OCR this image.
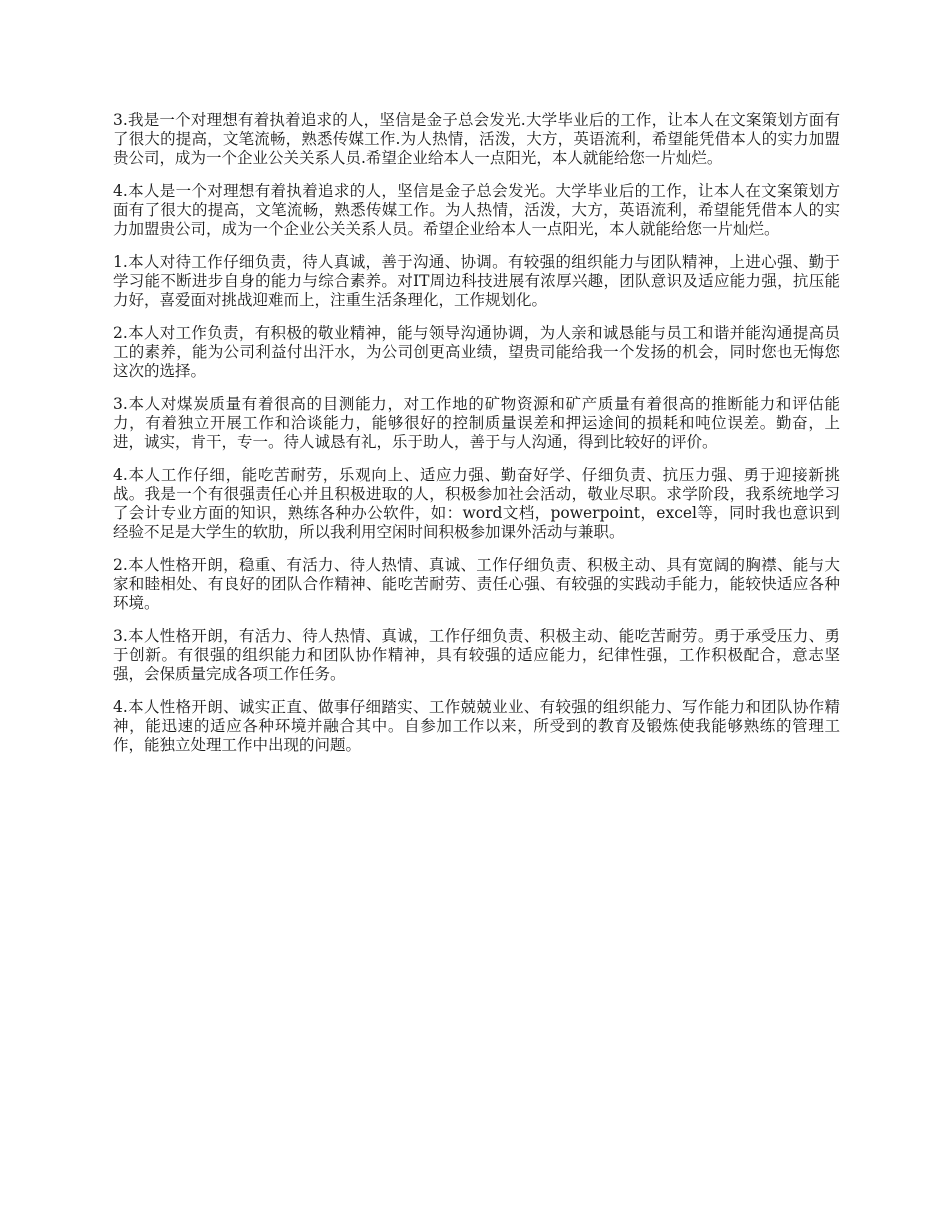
3.我是一个对理想有着执着追求的人，坚信是金子总会发光.大学毕业后的工作，让本人在文案策划方面有了很大的提高，文笔流畅，熟悉传媒工作.为人热情，活泼，大方，英语流利，希望能凭借本人的实力加盟贵公司，成为一个企业公关关系人员.希望企业给本人一点阳光，本人就能给您一片灿烂。

4.本人是一个对理想有着执着追求的人，坚信是金子总会发光。大学毕业后的工作，让本人在文案策划方面有了很大的提高，文笔流畅，熟悉传媒工作。为人热情，活泼，大方，英语流利，希望能凭借本人的实力加盟贵公司，成为一个企业公关关系人员。希望企业给本人一点阳光，本人就能给您一片灿烂。

1.本人对待工作仔细负责，待人真诚，善于沟通、协调。有较强的组织能力与团队精神，上进心强、勤于学习能不断进步自身的能力与综合素养。对IT周边科技进展有浓厚兴趣，团队意识及适应能力强，抗压能力好，喜爱面对挑战迎难而上，注重生活条理化，工作规划化。

2.本人对工作负责，有积极的敬业精神，能与领导沟通协调，为人亲和诚恳能与员工和谐并能沟通提高员工的素养，能为公司利益付出汗水，为公司创更高业绩，望贵司能给我一个发扬的机会，同时您也无悔您这次的选择。

3.本人对煤炭质量有着很高的目测能力，对工作地的矿物资源和矿产质量有着很高的推断能力和评估能力，有着独立开展工作和洽谈能力，能够很好的控制质量误差和押运途间的损耗和吨位误差。勤奋，上进，诚实，肯干，专一。待人诚恳有礼，乐于助人，善于与人沟通，得到比较好的评价。

4.本人工作仔细，能吃苦耐劳，乐观向上、适应力强、勤奋好学、仔细负责、抗压力强、勇于迎接新挑战。我是一个有很强责任心并且积极进取的人，积极参加社会活动，敬业尽职。求学阶段，我系统地学习了会计专业方面的知识，熟练各种办公软件，如：word文档，powerpoint，excel等，同时我也意识到经验不足是大学生的软肋，所以我利用空闲时间积极参加课外活动与兼职。

2.本人性格开朗，稳重、有活力、待人热情、真诚、工作仔细负责、积极主动、具有宽阔的胸襟、能与大家和睦相处、有良好的团队合作精神、能吃苦耐劳、责任心强、有较强的实践动手能力，能较快适应各种环境。

3.本人性格开朗，有活力、待人热情、真诚，工作仔细负责、积极主动、能吃苦耐劳。勇于承受压力、勇于创新。有很强的组织能力和团队协作精神，具有较强的适应能力，纪律性强，工作积极配合，意志坚强，会保质量完成各项工作任务。

4.本人性格开朗、诚实正直、做事仔细踏实、工作兢兢业业、有较强的组织能力、写作能力和团队协作精神，能迅速的适应各种环境并融合其中。自参加工作以来，所受到的教育及锻炼使我能够熟练的管理工作，能独立处理工作中出现的问题。
